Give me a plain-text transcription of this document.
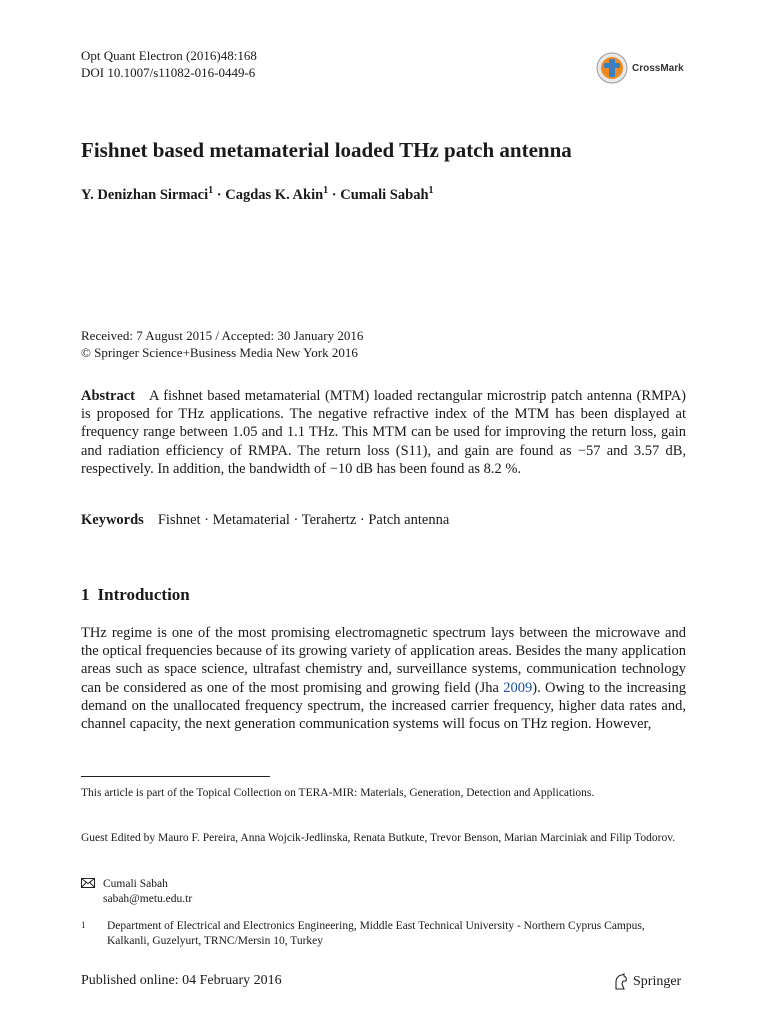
Opt Quant Electron (2016)48:168
DOI 10.1007/s11082-016-0449-6	CrossMark
Fishnet based metamaterial loaded THz patch antenna
Y. Denizhan Sirmaci$^1$ · Cagdas K. Akin$^1$ · Cumali Sabah$^1$
Received: 7 August 2015 / Accepted: 30 January 2016
© Springer Science+Business Media New York 2016
Abstract A fishnet based metamaterial (MTM) loaded rectangular microstrip patch antenna (RMPA) is proposed for THz applications. The negative refractive index of the MTM has been displayed at frequency range between 1.05 and 1.1 THz. This MTM can be used for improving the return loss, gain and radiation efficiency of RMPA. The return loss (S11), and gain are found as −57 and 3.57 dB, respectively. In addition, the bandwidth of −10 dB has been found as 8.2 %.
Keywords Fishnet · Metamaterial · Terahertz · Patch antenna
1 Introduction
THz regime is one of the most promising electromagnetic spectrum lays between the microwave and the optical frequencies because of its growing variety of application areas. Besides the many application areas such as space science, ultrafast chemistry and, surveillance systems, communication technology can be considered as one of the most promising and growing field (Jha 2009). Owing to the increasing demand on the unallocated frequency spectrum, the increased carrier frequency, higher data rates and, channel capacity, the next generation communication systems will focus on THz region. However,
This article is part of the Topical Collection on TERA-MIR: Materials, Generation, Detection and Applications.
Guest Edited by Mauro F. Pereira, Anna Wojcik-Jedlinska, Renata Butkute, Trevor Benson, Marian Marciniak and Filip Todorov.
Cumali Sabah
sabah@metu.edu.tr
1	Department of Electrical and Electronics Engineering, Middle East Technical University - Northern Cyprus Campus, Kalkanli, Guzelyurt, TRNC/Mersin 10, Turkey
Published online: 04 February 2016	Springer
